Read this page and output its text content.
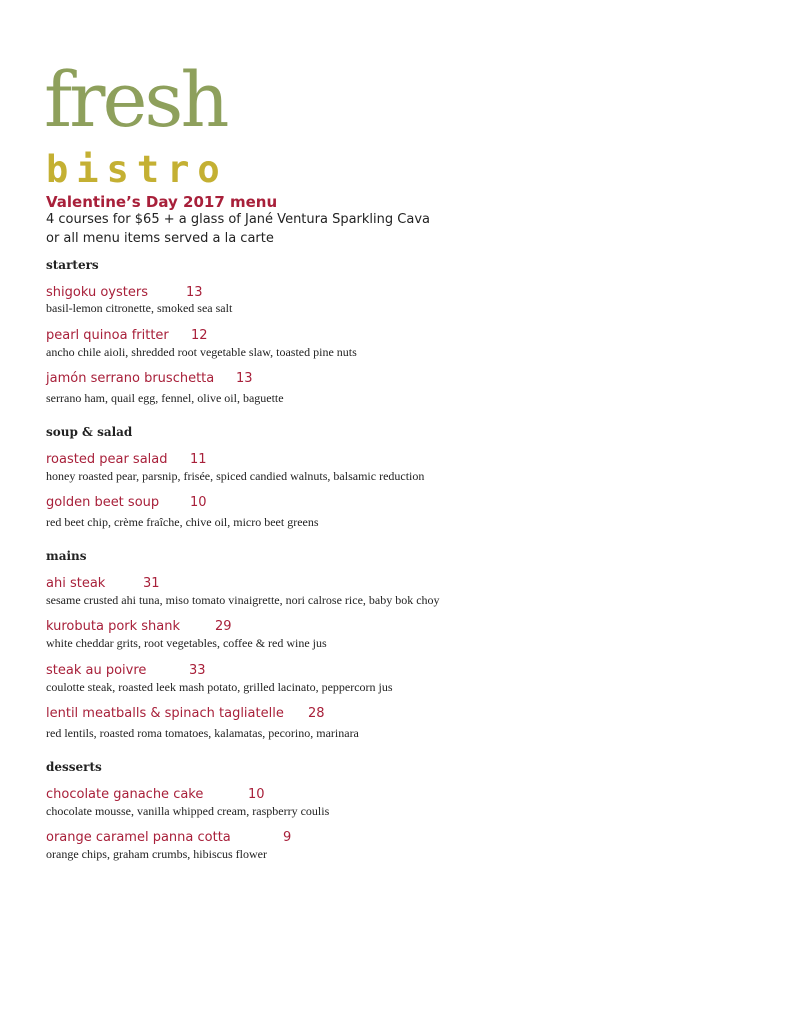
fresh
bistro
Valentine’s Day 2017 menu
4 courses for $65 + a glass of Jané Ventura Sparkling Cava
or all menu items served a la carte
starters
shigoku oysters	13
basil-lemon citronette, smoked sea salt
pearl quinoa fritter 12
ancho chile aioli, shredded root vegetable slaw, toasted pine nuts
jamón serrano bruschetta 13
serrano ham, quail egg, fennel, olive oil, baguette
soup & salad
roasted pear salad 11
honey roasted pear, parsnip, frisée, spiced candied walnuts, balsamic reduction
golden beet soup 10
red beet chip, crème fraîche, chive oil, micro beet greens
mains
ahi steak	31
sesame crusted ahi tuna, miso tomato vinaigrette, nori calrose rice, baby bok choy
kurobuta pork shank	29
white cheddar grits, root vegetables, coffee & red wine jus
steak au poivre	33
coulotte steak, roasted leek mash potato, grilled lacinato, peppercorn jus
lentil meatballs & spinach tagliatelle 28
red lentils, roasted roma tomatoes, kalamatas, pecorino, marinara
desserts
chocolate ganache cake	10
chocolate mousse, vanilla whipped cream, raspberry coulis
orange caramel panna cotta	9
orange chips, graham crumbs, hibiscus flower
